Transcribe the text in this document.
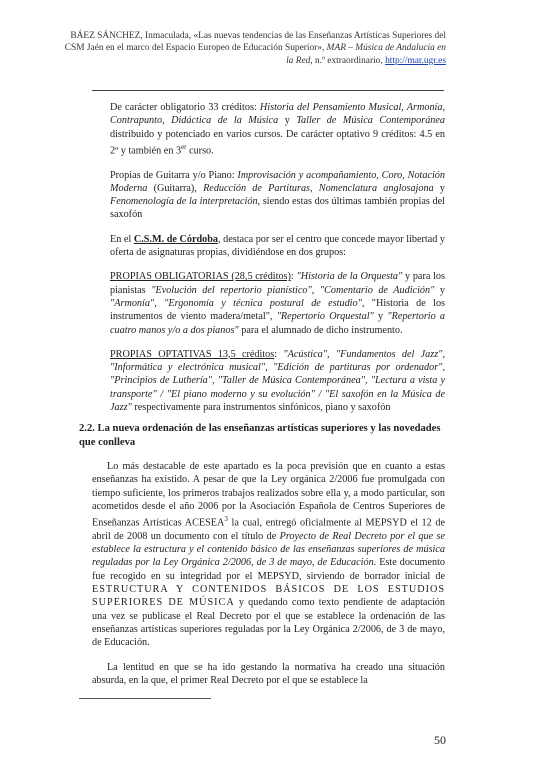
BÁEZ SÁNCHEZ, Inmaculada, «Las nuevas tendencias de las Enseñanzas Artísticas Superiores del
CSM Jaén en el marco del Espacio Europeo de Educación Superior», MAR – Música de Andalucía en
la Red, n.º extraordinario, http://mar.ugr.es

De carácter obligatorio 33 créditos: Historia del Pensamiento Musical, Armonía, Contrapunto, Didáctica de la Música y Taller de Música Contemporánea distribuido y potenciado en varios cursos. De carácter optativo 9 créditos: 4.5 en 2º y también en 3er curso.

Propias de Guitarra y/o Piano: Improvisación y acompañamiento, Coro, Notación Moderna (Guitarra), Reducción de Partituras, Nomenclatura anglosajona y Fenomenología de la interpretación, siendo estas dos últimas también propias del saxofón

En el C.S.M. de Córdoba, destaca por ser el centro que concede mayor libertad y oferta de asignaturas propias, dividiéndose en dos grupos:

PROPIAS OBLIGATORIAS (28,5 créditos): "Historia de la Orquesta" y para los pianistas "Evolución del repertorio pianístico", "Comentario de Audición" y "Armonía", "Ergonomía y técnica postural de estudio", "Historia de los instrumentos de viento madera/metal", "Repertorio Orquestal" y "Repertorio a cuatro manos y/o a dos pianos" para el alumnado de dicho instrumento.

PROPIAS OPTATIVAS 13,5 créditos: "Acústica", "Fundamentos del Jazz", "Informática y electrónica musical", "Edición de partituras por ordenador", "Principios de Luthería", "Taller de Música Contemporánea", "Lectura a vista y transporte" / "El piano moderno y su evolución" / "El saxofón en la Música de Jazz" respectivamente para instrumentos sinfónicos, piano y saxofón

2.2. La nueva ordenación de las enseñanzas artísticas superiores y las novedades que conlleva

Lo más destacable de este apartado es la poca previsión que en cuanto a estas enseñanzas ha existido. A pesar de que la Ley orgánica 2/2006 fue promulgada con tiempo suficiente, los primeros trabajos realizados sobre ella y, a modo particular, son acometidos desde el año 2006 por la Asociación Española de Centros Superiores de Enseñanzas Artísticas ACESEA$^3$ la cual, entregó oficialmente al MEPSYD el 12 de abril de 2008 un documento con el título de Proyecto de Real Decreto por el que se establece la estructura y el contenido básico de las enseñanzas superiores de música reguladas por la Ley Orgánica 2/2006, de 3 de mayo, de Educación. Este documento fue recogido en su integridad por el MEPSYD, sirviendo de borrador inicial de ESTRUCTURA Y CONTENIDOS BÁSICOS DE LOS ESTUDIOS SUPERIORES DE MÚSICA y quedando como texto pendiente de adaptación una vez se publicase el Real Decreto por el que se establece la ordenación de las enseñanzas artísticas superiores reguladas por la Ley Orgánica 2/2006, de 3 de mayo, de Educación.

La lentitud en que se ha ido gestando la normativa ha creado una situación absurda, en la que, el primer Real Decreto por el que se establece la

50
